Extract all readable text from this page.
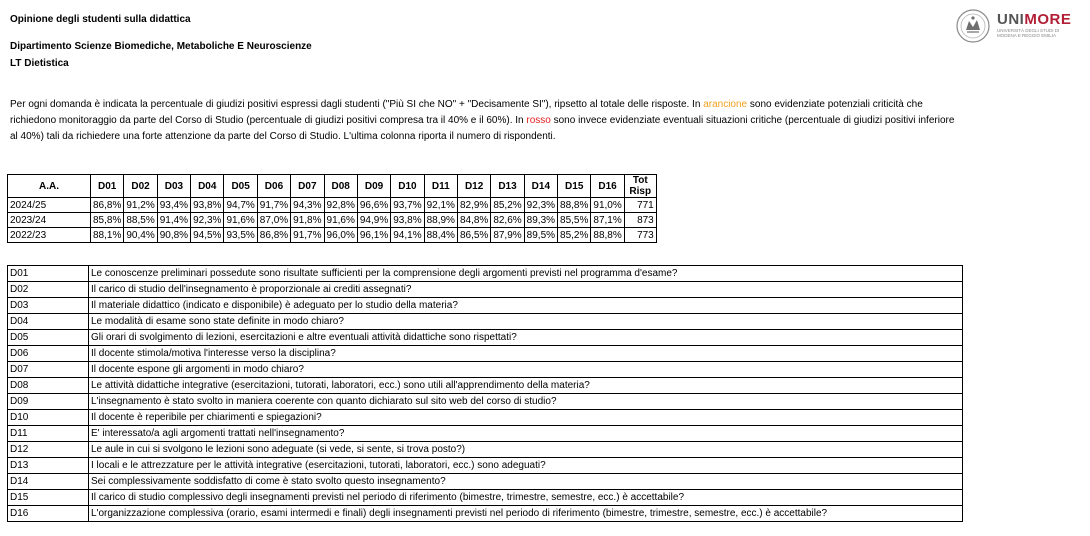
Opinione degli studenti sulla didattica
Dipartimento Scienze Biomediche, Metaboliche E Neuroscienze
LT Dietistica
UNIMORE
UNIVERSITÀ DEGLI STUDI DI MODENA E REGGIO EMILIA
Per ogni domanda è indicata la percentuale di giudizi positivi espressi dagli studenti ("Più SI che NO" + "Decisamente SI"), ripsetto al totale delle risposte. In arancione sono evidenziate potenziali criticità che richiedono monitoraggio da parte del Corso di Studio (percentuale di giudizi positivi compresa tra il 40% e il 60%). In rosso sono invece evidenziate eventuali situazioni critiche (percentuale di giudizi positivi inferiore al 40%) tali da richiedere una forte attenzione da parte del Corso di Studio. L'ultima colonna riporta il numero di rispondenti.
A.A.	D01	D02	D03	D04	D05	D06	D07	D08	D09	D10	D11	D12	D13	D14	D15	D16	Tot Risp
2024/25	86,8%	91,2%	93,4%	93,8%	94,7%	91,7%	94,3%	92,8%	96,6%	93,7%	92,1%	82,9%	85,2%	92,3%	88,8%	91,0%	771
2023/24	85,8%	88,5%	91,4%	92,3%	91,6%	87,0%	91,8%	91,6%	94,9%	93,8%	88,9%	84,8%	82,6%	89,3%	85,5%	87,1%	873
2022/23	88,1%	90,4%	90,8%	94,5%	93,5%	86,8%	91,7%	96,0%	96,1%	94,1%	88,4%	86,5%	87,9%	89,5%	85,2%	88,8%	773
D01	Le conoscenze preliminari possedute sono risultate sufficienti per la comprensione degli argomenti previsti nel programma d'esame?
D02	Il carico di studio dell'insegnamento è proporzionale ai crediti assegnati?
D03	Il materiale didattico (indicato e disponibile) è adeguato per lo studio della materia?
D04	Le modalità di esame sono state definite in modo chiaro?
D05	Gli orari di svolgimento di lezioni, esercitazioni e altre eventuali attività didattiche sono rispettati?
D06	Il docente stimola/motiva l'interesse verso la disciplina?
D07	Il docente espone gli argomenti in modo chiaro?
D08	Le attività didattiche integrative (esercitazioni, tutorati, laboratori, ecc.) sono utili all'apprendimento della materia?
D09	L'insegnamento è stato svolto in maniera coerente con quanto dichiarato sul sito web del corso di studio?
D10	Il docente è reperibile per chiarimenti e spiegazioni?
D11	E' interessato/a agli argomenti trattati nell'insegnamento?
D12	Le aule in cui si svolgono le lezioni sono adeguate (si vede, si sente, si trova posto?)
D13	I locali e le attrezzature per le attività integrative (esercitazioni, tutorati, laboratori, ecc.) sono adeguati?
D14	Sei complessivamente soddisfatto di come è stato svolto questo insegnamento?
D15	Il carico di studio complessivo degli insegnamenti previsti nel periodo di riferimento (bimestre, trimestre, semestre, ecc.) è accettabile?
D16	L'organizzazione complessiva (orario, esami intermedi e finali) degli insegnamenti previsti nel periodo di riferimento (bimestre, trimestre, semestre, ecc.) è accettabile?
